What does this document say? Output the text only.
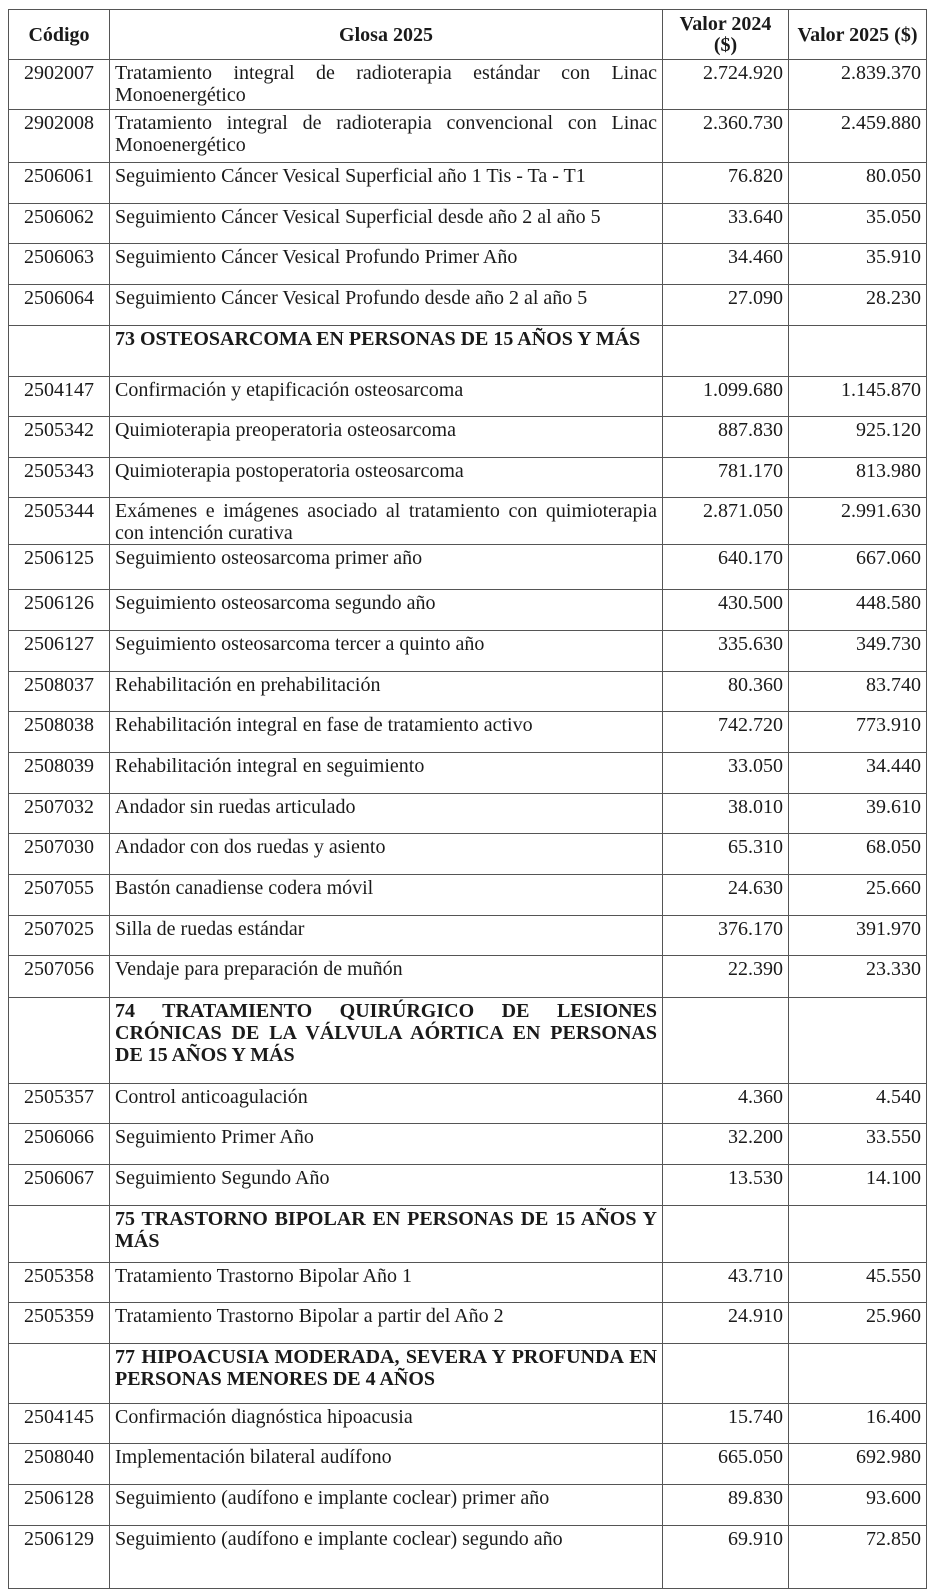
Código	Glosa 2025	Valor 2024 ($)	Valor 2025 ($)
2902007	Tratamiento integral de radioterapia estándar con Linac Monoenergético	2.724.920	2.839.370
2902008	Tratamiento integral de radioterapia convencional con Linac Monoenergético	2.360.730	2.459.880
2506061	Seguimiento Cáncer Vesical Superficial año 1 Tis - Ta - T1	76.820	80.050
2506062	Seguimiento Cáncer Vesical Superficial desde año 2 al año 5	33.640	35.050
2506063	Seguimiento Cáncer Vesical Profundo Primer Año	34.460	35.910
2506064	Seguimiento Cáncer Vesical Profundo desde año 2 al año 5	27.090	28.230
	73 OSTEOSARCOMA EN PERSONAS DE 15 AÑOS Y MÁS		
2504147	Confirmación y etapificación osteosarcoma	1.099.680	1.145.870
2505342	Quimioterapia preoperatoria osteosarcoma	887.830	925.120
2505343	Quimioterapia postoperatoria osteosarcoma	781.170	813.980
2505344	Exámenes e imágenes asociado al tratamiento con quimioterapia con intención curativa	2.871.050	2.991.630
2506125	Seguimiento osteosarcoma primer año	640.170	667.060
2506126	Seguimiento osteosarcoma segundo año	430.500	448.580
2506127	Seguimiento osteosarcoma tercer a quinto año	335.630	349.730
2508037	Rehabilitación en prehabilitación	80.360	83.740
2508038	Rehabilitación integral en fase de tratamiento activo	742.720	773.910
2508039	Rehabilitación integral en seguimiento	33.050	34.440
2507032	Andador sin ruedas articulado	38.010	39.610
2507030	Andador con dos ruedas y asiento	65.310	68.050
2507055	Bastón canadiense codera móvil	24.630	25.660
2507025	Silla de ruedas estándar	376.170	391.970
2507056	Vendaje para preparación de muñón	22.390	23.330
	74 TRATAMIENTO QUIRÚRGICO DE LESIONES CRÓNICAS DE LA VÁLVULA AÓRTICA EN PERSONAS DE 15 AÑOS Y MÁS		
2505357	Control anticoagulación	4.360	4.540
2506066	Seguimiento Primer Año	32.200	33.550
2506067	Seguimiento Segundo Año	13.530	14.100
	75 TRASTORNO BIPOLAR EN PERSONAS DE 15 AÑOS Y MÁS		
2505358	Tratamiento Trastorno Bipolar Año 1	43.710	45.550
2505359	Tratamiento Trastorno Bipolar a partir del Año 2	24.910	25.960
	77 HIPOACUSIA MODERADA, SEVERA Y PROFUNDA EN PERSONAS MENORES DE 4 AÑOS		
2504145	Confirmación diagnóstica hipoacusia	15.740	16.400
2508040	Implementación bilateral audífono	665.050	692.980
2506128	Seguimiento (audífono e implante coclear) primer año	89.830	93.600
2506129	Seguimiento (audífono e implante coclear) segundo año	69.910	72.850
